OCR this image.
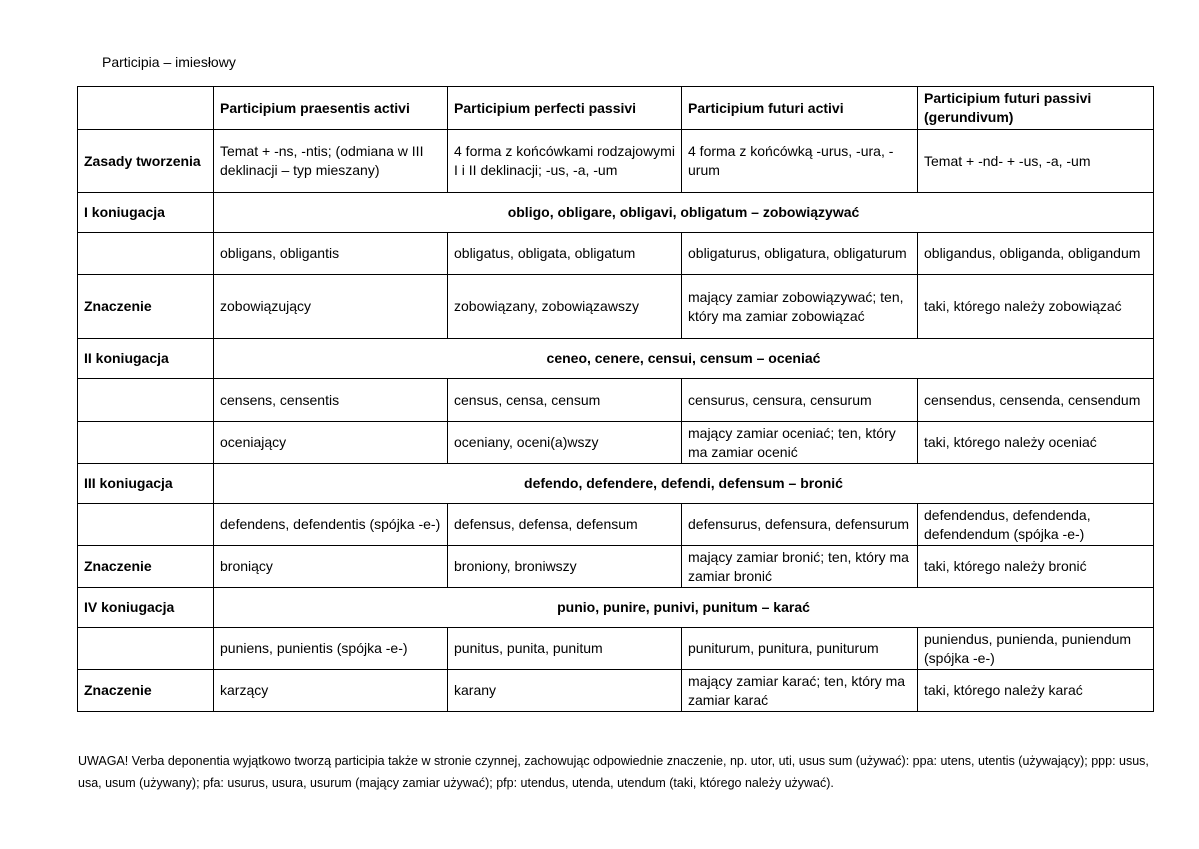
Participia – imiesłowy
	Participium praesentis activi	Participium perfecti passivi	Participium futuri activi	Participium futuri passivi (gerundivum)
Zasady tworzenia	Temat + -ns, -ntis; (odmiana w III deklinacji – typ mieszany)	4 forma z końcówkami rodzajowymi I i II deklinacji; -us, -a, -um	4 forma z końcówką -urus, -ura, -urum	Temat + -nd- + -us, -a, -um
I koniugacja	obligo, obligare, obligavi, obligatum – zobowiązywać			
	obligans, obligantis	obligatus, obligata, obligatum	obligaturus, obligatura, obligaturum	obligandus, obliganda, obligandum
Znaczenie	zobowiązujący	zobowiązany, zobowiązawszy	mający zamiar zobowiązywać; ten, który ma zamiar zobowiązać	taki, którego należy zobowiązać
II koniugacja	ceneo, cenere, censui, censum – oceniać			
	censens, censentis	census, censa, censum	censurus, censura, censurum	censendus, censenda, censendum
	oceniający	oceniany, oceni(a)wszy	mający zamiar oceniać; ten, który ma zamiar ocenić	taki, którego należy oceniać
III koniugacja	defendo, defendere, defendi, defensum – bronić			
	defendens, defendentis (spójka -e-)	defensus, defensa, defensum	defensurus, defensura, defensurum	defendendus, defendenda, defendendum (spójka -e-)
Znaczenie	broniący	broniony, broniwszy	mający zamiar bronić; ten, który ma zamiar bronić	taki, którego należy bronić
IV koniugacja	punio, punire, punivi, punitum – karać			
	puniens, punientis (spójka -e-)	punitus, punita, punitum	puniturum, punitura, puniturum	puniendus, punienda, puniendum (spójka -e-)
Znaczenie	karzący	karany	mający zamiar karać; ten, który ma zamiar karać	taki, którego należy karać
UWAGA! Verba deponentia wyjątkowo tworzą participia także w stronie czynnej, zachowując odpowiednie znaczenie, np. utor, uti, usus sum (używać): ppa: utens, utentis (używający); ppp: usus, usa, usum (używany); pfa: usurus, usura, usurum (mający zamiar używać); pfp: utendus, utenda, utendum (taki, którego należy używać).
